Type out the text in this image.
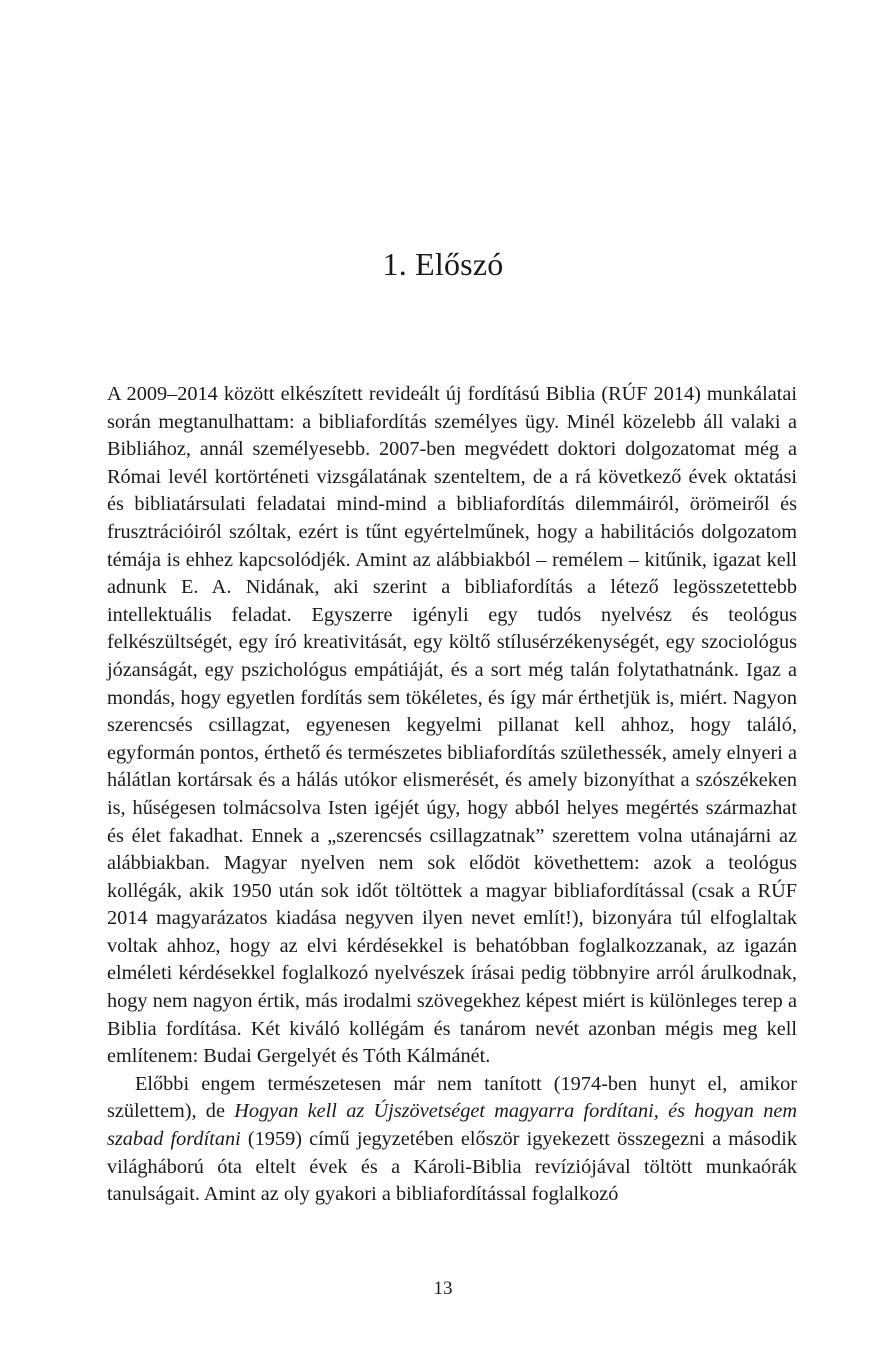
1. Előszó

A 2009–2014 között elkészített revideált új fordítású Biblia (RÚF 2014) munkálatai során megtanulhattam: a bibliafordítás személyes ügy. Minél közelebb áll valaki a Bibliához, annál személyesebb. 2007-ben megvédett doktori dolgozatomat még a Római levél kortörténeti vizsgálatának szenteltem, de a rá következő évek oktatási és bibliatársulati feladatai mind-mind a bibliafordítás dilemmáiról, örömeiről és frusztrációiról szóltak, ezért is tűnt egyértelműnek, hogy a habilitációs dolgozatom témája is ehhez kapcsolódjék. Amint az alábbiakból – remélem – kitűnik, igazat kell adnunk E. A. Nidának, aki szerint a bibliafordítás a létező legösszetettebb intellektuális feladat. Egyszerre igényli egy tudós nyelvész és teológus felkészültségét, egy író kreativitását, egy költő stílusérzékenységét, egy szociológus józanságát, egy pszichológus empátiáját, és a sort még talán folytathatnánk. Igaz a mondás, hogy egyetlen fordítás sem tökéletes, és így már érthetjük is, miért. Nagyon szerencsés csillagzat, egyenesen kegyelmi pillanat kell ahhoz, hogy találó, egyformán pontos, érthető és természetes bibliafordítás születhessék, amely elnyeri a hálátlan kortársak és a hálás utókor elismerését, és amely bizonyíthat a szószékeken is, hűségesen tolmácsolva Isten igéjét úgy, hogy abból helyes megértés származhat és élet fakadhat. Ennek a „szerencsés csillagzatnak” szerettem volna utánajárni az alábbiakban. Magyar nyelven nem sok elődöt követhettem: azok a teológus kollégák, akik 1950 után sok időt töltöttek a magyar bibliafordítással (csak a RÚF 2014 magyarázatos kiadása negyven ilyen nevet említ!), bizonyára túl elfoglaltak voltak ahhoz, hogy az elvi kérdésekkel is behatóbban foglalkozzanak, az igazán elméleti kérdésekkel foglalkozó nyelvészek írásai pedig többnyire arról árulkodnak, hogy nem nagyon értik, más irodalmi szövegekhez képest miért is különleges terep a Biblia fordítása. Két kiváló kollégám és tanárom nevét azonban mégis meg kell említenem: Budai Gergelyét és Tóth Kálmánét.

Előbbi engem természetesen már nem tanított (1974-ben hunyt el, amikor születtem), de Hogyan kell az Újszövetséget magyarra fordítani, és hogyan nem szabad fordítani (1959) című jegyzetében először igyekezett összegezni a második világháború óta eltelt évek és a Károli-Biblia revíziójával töltött munkaórák tanulságait. Amint az oly gyakori a bibliafordítással foglalkozó

13
